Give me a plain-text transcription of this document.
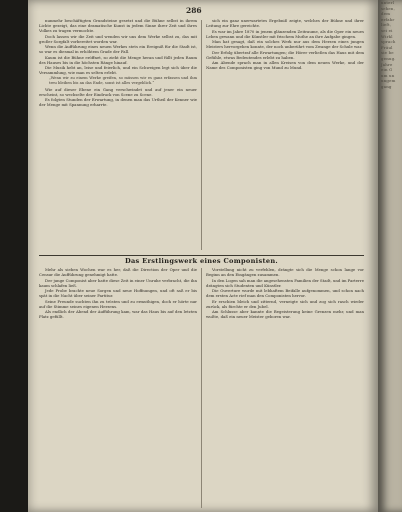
286

nunmehr beschäftigten Grundsteine gesetzt und die Bühne selbst in ihrem Lichte gezeigt, das eine dramatische Kunst in jedem Sinne ihrer Zeit und ihres Volkes zu tragen vermochte.

Doch lassen wir die Zeit und wenden wir uns dem Werke selbst zu, das mit großer Sorgfalt vorbereitet worden war.

Wenn die Aufführung eines neuen Werkes stets ein Ereigniß für die Stadt ist, so war es diesmal in erhöhtem Grade der Fall.

Kaum ist die Bühne eröffnet, so zieht die Menge heran und füllt jeden Raum des Hauses bis in die höchsten Ränge hinauf.

Die Musik hebt an, leise und feierlich, und ein Schweigen legt sich über die Versammlung, wie man es selten erlebt.

„Wenn wir zu einem Werke greifen, so müssen wir es ganz erfassen und ihm treu bleiben bis an das Ende, sonst ist alles vergeblich.“

Wie auf dieser Ebene ein Gang verschwindet und auf jener ein neuer erscheint, so wechselte der Eindruck von Scene zu Scene.

Es folgten Stunden der Erwartung, in denen man das Urtheil der Kenner wie der Menge mit Spannung erharrte.

sich ein ganz unerwartetes Ergebniß zeigte, welches der Bühne und ihrer Leitung zur Ehre gereichte.

Es war im Jahre 1870 in jenem glänzenden Zeitraume, als die Oper ein neues Leben gewann und die Künstler mit frischem Muthe an ihre Aufgabe gingen.

Man hat gesagt, daß ein solches Werk nur aus dem Herzen eines jungen Meisters hervorgehen konnte, der noch unberührt vom Zwange der Schule war.

Der Erfolg übertraf alle Erwartungen; die Hörer verließen das Haus mit dem Gefühle, etwas Bedeutendes erlebt zu haben.

Am Abende sprach man in allen Kreisen von dem neuen Werke, und der Name des Componisten ging von Mund zu Mund.

Das Erstlingswerk eines Componisten.

Mehr als sieben Wochen war es her, daß die Direction der Oper und die Censur die Aufführung genehmigt hatte.

Der junge Componist aber hatte diese Zeit in einer Unruhe verbracht, die ihn kaum schlafen ließ.

Jede Probe brachte neue Sorgen und neue Hoffnungen, und oft saß er bis spät in die Nacht über seiner Partitur.

Seine Freunde suchten ihn zu trösten und zu ermuthigen, doch er hörte nur auf die Stimme seines eigenen Herzens.

Als endlich der Abend der Aufführung kam, war das Haus bis auf den letzten Platz gefüllt.

Vorstellung nicht zu verfehlen, drängte sich die Menge schon lange vor Beginn an den Eingängen zusammen.

In den Logen sah man die angesehensten Familien der Stadt, und im Parterre drängten sich Studenten und Künstler.

Die Ouverture wurde mit lebhaftem Beifalle aufgenommen, und schon nach dem ersten Acte rief man den Componisten hervor.

Er erschien bleich und zitternd, verneigte sich und zog sich rasch wieder zurück, als fürchte er den Jubel.

Am Schlusse aber kannte die Begeisterung keine Grenzen mehr, und man wußte, daß ein neuer Meister geboren war.

unterl
sehen,
dem
erfahr
lieft,
sei ei
Wirkl
sprach
Fräul
sie be
genug.
Jahre
ein G
um un
ungem
gang
